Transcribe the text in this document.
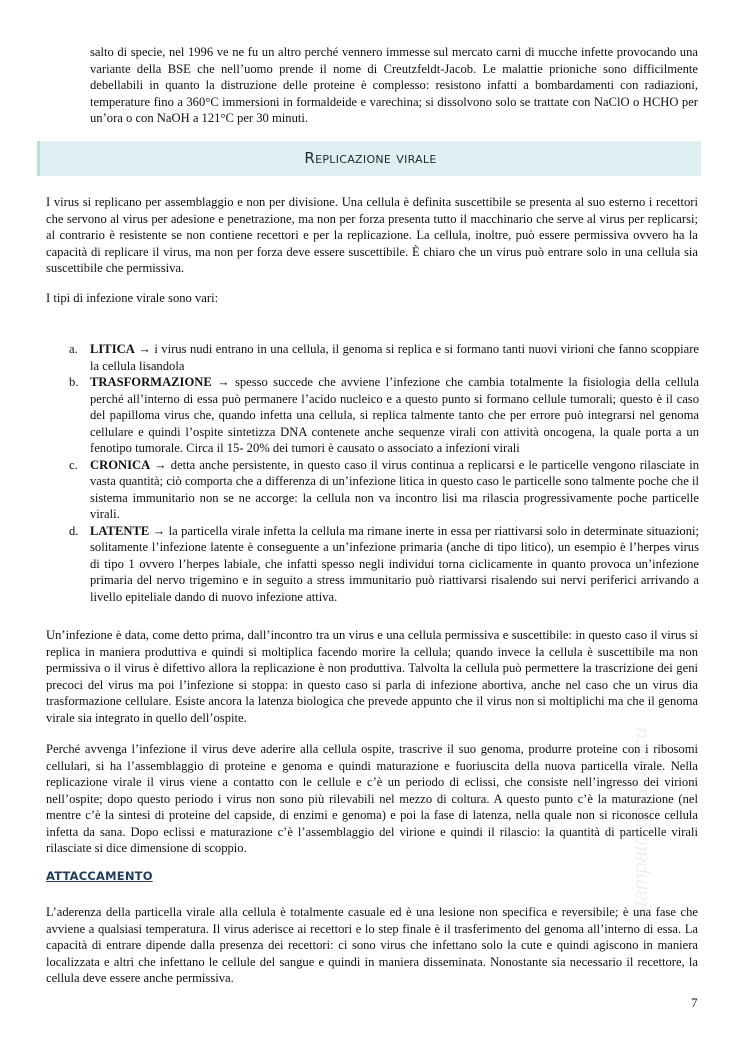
salto di specie, nel 1996 ve ne fu un altro perché vennero immesse sul mercato carni di mucche infette provocando una variante della BSE che nell’uomo prende il nome di Creutzfeldt-Jacob. Le malattie prioniche sono difficilmente debellabili in quanto la distruzione delle proteine è complesso: resistono infatti a bombardamenti con radiazioni, temperature fino a 360°C immersioni in formaldeide e varechina; si dissolvono solo se trattate con NaClO o HCHO per un’ora o con NaOH a 121°C per 30 minuti.

Replicazione virale

I virus si replicano per assemblaggio e non per divisione. Una cellula è definita suscettibile se presenta al suo esterno i recettori che servono al virus per adesione e penetrazione, ma non per forza presenta tutto il macchinario che serve al virus per replicarsi; al contrario è resistente se non contiene recettori e per la replicazione. La cellula, inoltre, può essere permissiva ovvero ha la capacità di replicare il virus, ma non per forza deve essere suscettibile. È chiaro che un virus può entrare solo in una cellula sia suscettibile che permissiva.

I tipi di infezione virale sono vari:

a. LITICA → i virus nudi entrano in una cellula, il genoma si replica e si formano tanti nuovi virioni che fanno scoppiare la cellula lisandola
b. TRASFORMAZIONE → spesso succede che avviene l’infezione che cambia totalmente la fisiologia della cellula perché all’interno di essa può permanere l’acido nucleico e a questo punto si formano cellule tumorali; questo è il caso del papilloma virus che, quando infetta una cellula, si replica talmente tanto che per errore può integrarsi nel genoma cellulare e quindi l’ospite sintetizza DNA contenete anche sequenze virali con attività oncogena, la quale porta a un fenotipo tumorale. Circa il 15- 20% dei tumori è causato o associato a infezioni virali
c. CRONICA → detta anche persistente, in questo caso il virus continua a replicarsi e le particelle vengono rilasciate in vasta quantità; ciò comporta che a differenza di un’infezione litica in questo caso le particelle sono talmente poche che il sistema immunitario non se ne accorge: la cellula non va incontro lisi ma rilascia progressivamente poche particelle virali.
d. LATENTE → la particella virale infetta la cellula ma rimane inerte in essa per riattivarsi solo in determinate situazioni; solitamente l’infezione latente è conseguente a un’infezione primaria (anche di tipo litico), un esempio è l’herpes virus di tipo 1 ovvero l’herpes labiale, che infatti spesso negli individui torna ciclicamente in quanto provoca un’infezione primaria del nervo trigemino e in seguito a stress immunitario può riattivarsi risalendo sui nervi periferici arrivando a livello epiteliale dando di nuovo infezione attiva.

Un’infezione è data, come detto prima, dall’incontro tra un virus e una cellula permissiva e suscettibile: in questo caso il virus si replica in maniera produttiva e quindi si moltiplica facendo morire la cellula; quando invece la cellula è suscettibile ma non permissiva o il virus è difettivo allora la replicazione è non produttiva. Talvolta la cellula può permettere la trascrizione dei geni precoci del virus ma poi l’infezione si stoppa: in questo caso si parla di infezione abortiva, anche nel caso che un virus dia trasformazione cellulare. Esiste ancora la latenza biologica che prevede appunto che il virus non si moltiplichi ma che il genoma virale sia integrato in quello dell’ospite.

Perché avvenga l’infezione il virus deve aderire alla cellula ospite, trascrive il suo genoma, produrre proteine con i ribosomi cellulari, si ha l’assemblaggio di proteine e genoma e quindi maturazione e fuoriuscita della nuova particella virale. Nella replicazione virale il virus viene a contatto con le cellule e c’è un periodo di eclissi, che consiste nell’ingresso dei virioni nell’ospite; dopo questo periodo i virus non sono più rilevabili nel mezzo di coltura. A questo punto c’è la maturazione (nel mentre c’è la sintesi di proteine del capside, di enzimi e genoma) e poi la fase di latenza, nella quale non si riconosce cellula infetta da sana. Dopo eclissi e maturazione c’è l’assemblaggio del virione e quindi il rilascio: la quantità di particelle virali rilasciate si dice dimensione di scoppio.

ATTACCAMENTO

L’aderenza della particella virale alla cellula è totalmente casuale ed è una lesione non specifica e reversibile; è una fase che avviene a qualsiasi temperatura. Il virus aderisce ai recettori e lo step finale è il trasferimento del genoma all’interno di essa. La capacità di entrare dipende dalla presenza dei recettori: ci sono virus che infettano solo la cute e quindi agiscono in maniera localizzata e altri che infettano le cellule del sangue e quindi in maniera disseminata. Nonostante sia necessario il recettore, la cellula deve essere anche permissiva.

Stampato da Studocu
7
